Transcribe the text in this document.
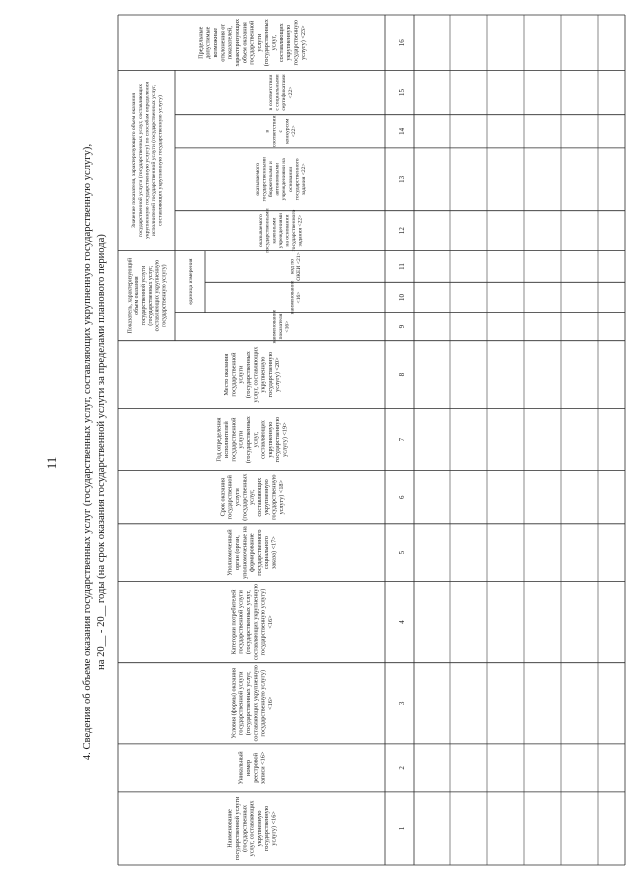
11 4. Сведения об объеме оказания государственных услуг (государственных услуг, составляющих укрупненную государственную услугу), на 20__ - 20__ годы (на срок оказания государственной услуги за пределами планового периода)
Наименованиегосударственной услуги(государственныхуслуг, составляющихукрупненнуюгосударственнуюуслугу) <16>	1
Уникальныйномерреестровойзаписи <16>	2
Условия (формы) оказаниягосударственной услуги(государственных услуг,составляющих укрупненнуюгосударственную услугу)<16>	3
Категории потребителейгосударственной услуги(государственных услуг,составляющих укрупненнуюгосударственную услугу)<16>	4
Уполномоченныйорган (орган,уполномоченные наформированиегосударственногосоциальногозаказа) <17>	5
Срок оказаниягосударственнойуслуги(государственныхуслуг,составляющихукрупненнуюгосударственнуюуслугу) <18>	6
Год определенияисполнителейгосударственнойуслуги(государственныхуслуг,составляющихукрупненнуюгосударственнуюуслугу) <19>	7
Место оказаниягосударственнойуслуги(государственныхуслуг, составляющихукрупненнуюгосударственнуюуслугу) <20>	8
наименованиепоказателя<16>	9
наименование<16>	10
код поОКЕИ <21>	11
оказываемогогосударственнымиказеннымиучреждениямина основаниигосударственногозадания <22>	12
оказываемогогосударственнымибюджетными иавтономнымиучреждениями наоснованиигосударственногозадания <22>	13
всоответствиисконкурсом<22>	14
в соответствиис социальнымисертификатами<22>	15
Предельныедопустимыевозможныеотклонения отпоказателей,характеризующихобъем оказаниягосударственнойуслуги(государственныхуслуг,составляющихукрупненнуюгосударственнуюуслугу) <23>	16
Показатель, характеризующийобъем оказаниягосударственной услуги(государственных услуг,составляющих укрупненнуюгосударственную услугу)	единица измерения
Значение показателя, характеризующего объем оказаниягосударственной услуги (государственных услуг, составляющихукрупненную государственную услугу) по способам определенияисполнителей государственной услуги (государственных услуг,составляющих укрупненную государственную услугу)
